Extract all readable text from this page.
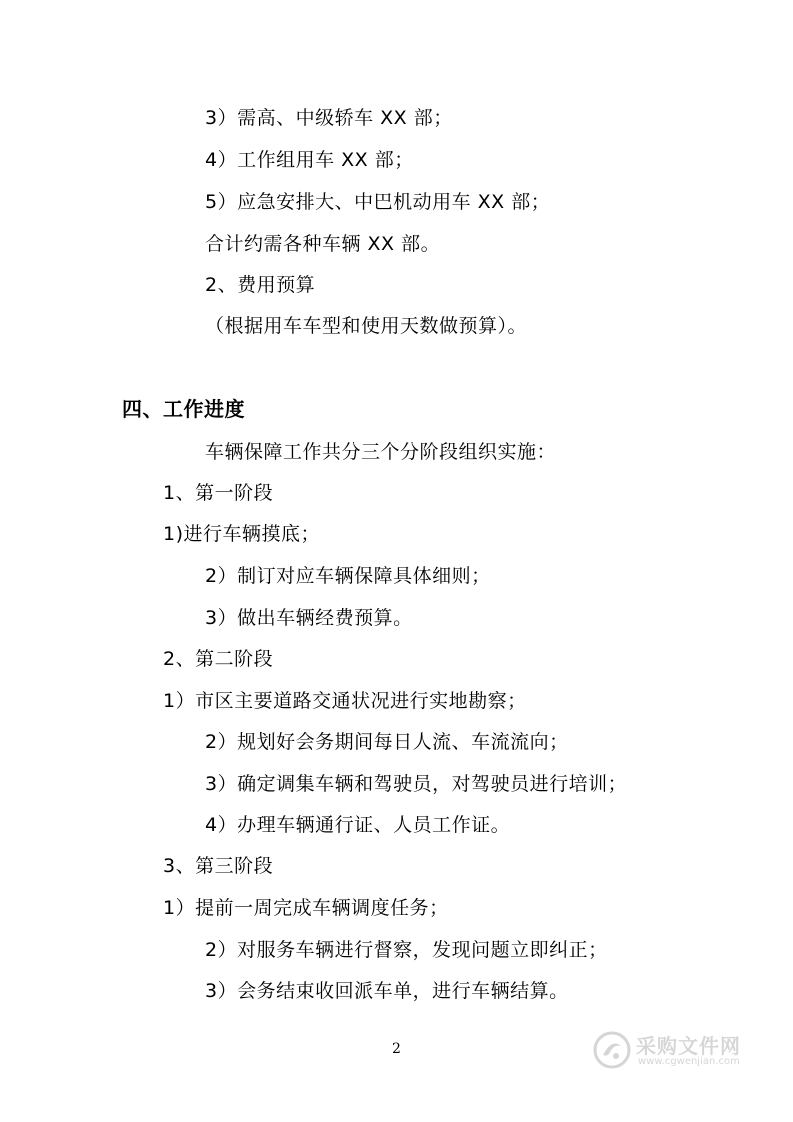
3）需高、中级轿车 XX 部；
4）工作组用车 XX 部；
5）应急安排大、中巴机动用车 XX 部；
合计约需各种车辆 XX 部。
2、费用预算
（根据用车车型和使用天数做预算）。
四、工作进度
车辆保障工作共分三个分阶段组织实施：
1、第一阶段
1)进行车辆摸底；
2）制订对应车辆保障具体细则；
3）做出车辆经费预算。
2、第二阶段
1）市区主要道路交通状况进行实地勘察；
2）规划好会务期间每日人流、车流流向；
3）确定调集车辆和驾驶员，对驾驶员进行培训；
4）办理车辆通行证、人员工作证。
3、第三阶段
1）提前一周完成车辆调度任务；
2）对服务车辆进行督察，发现问题立即纠正；
3）会务结束收回派车单，进行车辆结算。
2	采购文件网
www.cgwenjian.com
